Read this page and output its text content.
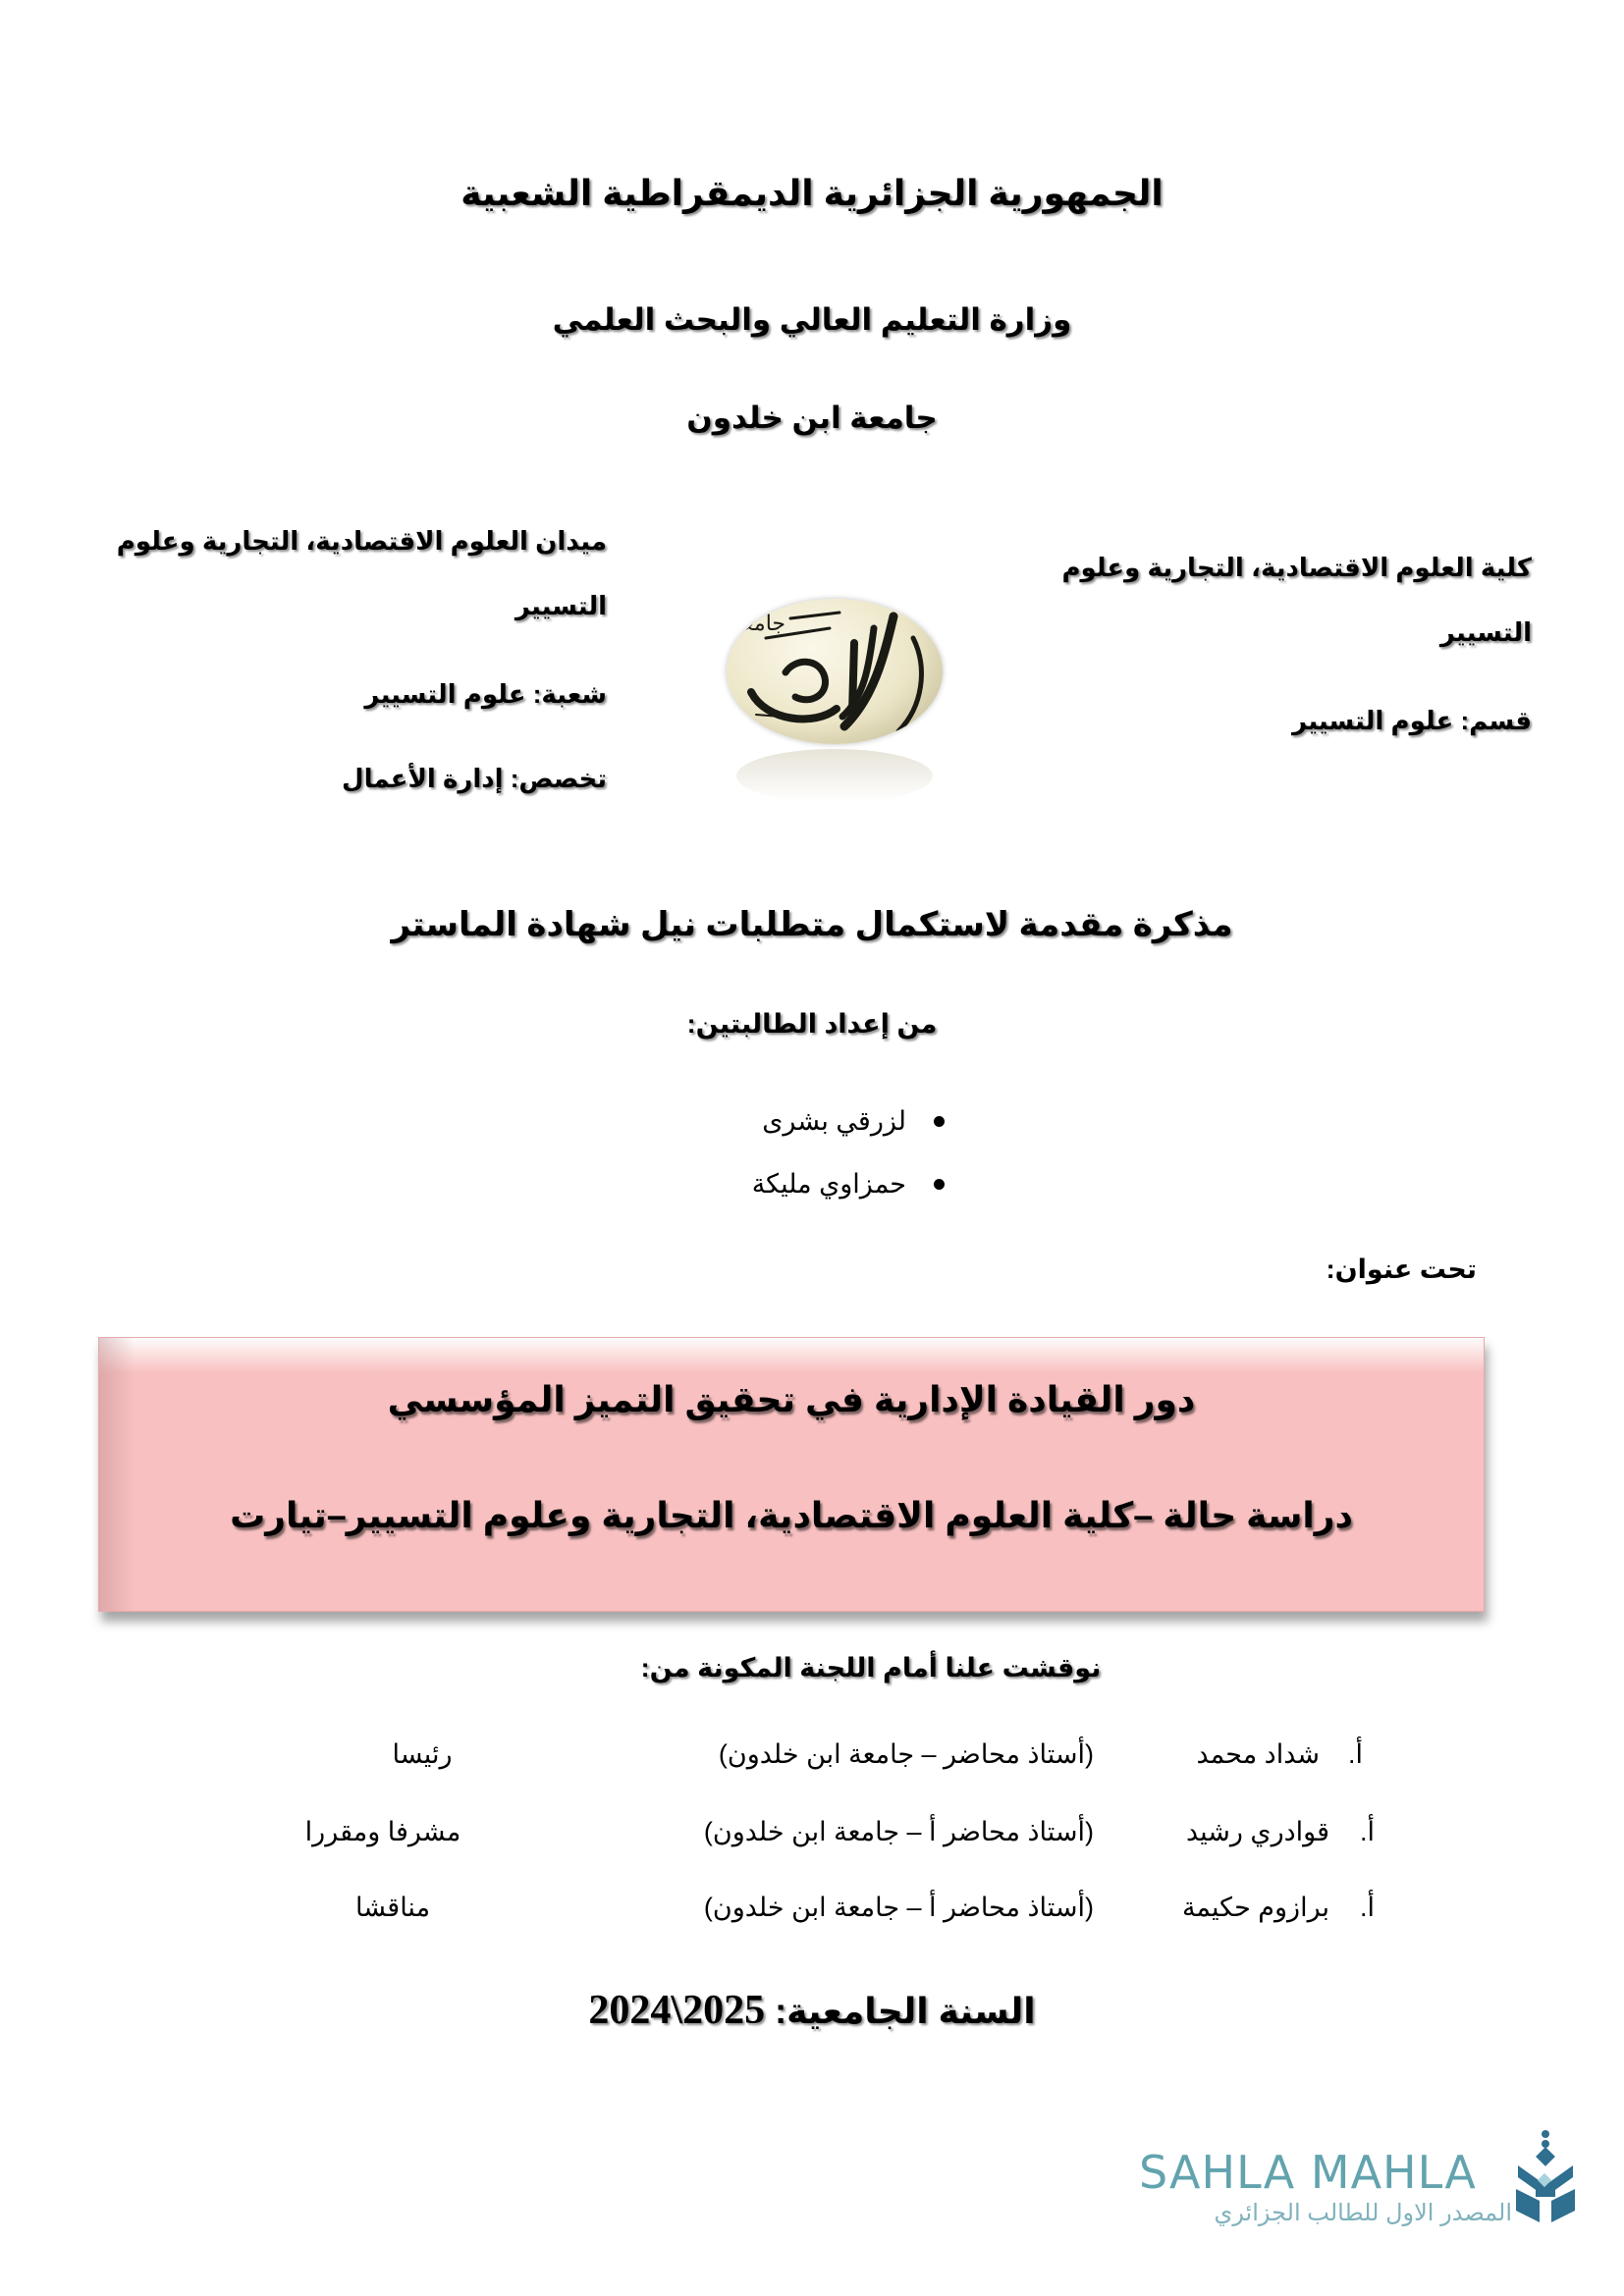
الجمهورية الجزائرية الديمقراطية الشعبية
وزارة التعليم العالي والبحث العلمي
جامعة ابن خلدون
ميدان العلوم الاقتصادية، التجارية وعلوم
التسيير
شعبة: علوم التسيير
تخصص: إدارة الأعمال
كلية العلوم الاقتصادية، التجارية وعلوم
التسيير
قسم: علوم التسيير
جامعة
مذكرة مقدمة لاستكمال متطلبات نيل شهادة الماستر
من إعداد الطالبتين:
لزرقي بشرى
حمزاوي مليكة
تحت عنوان:
دور القيادة الإدارية في تحقيق التميز المؤسسي
دراسة حالة –كلية العلوم الاقتصادية، التجارية وعلوم التسيير–تيارت
نوقشت علنا أمام اللجنة المكونة من:
أ.
شداد محمد
(أستاذ محاضر – جامعة ابن خلدون)
رئيسا
أ.
قوادري رشيد
(أستاذ محاضر أ – جامعة ابن خلدون)
مشرفا ومقررا
أ.
برازوم حكيمة
(أستاذ محاضر أ – جامعة ابن خلدون)
مناقشا
السنة الجامعية: 2024\2025
SAHLA MAHLA
المصدر الاول للطالب الجزائري
